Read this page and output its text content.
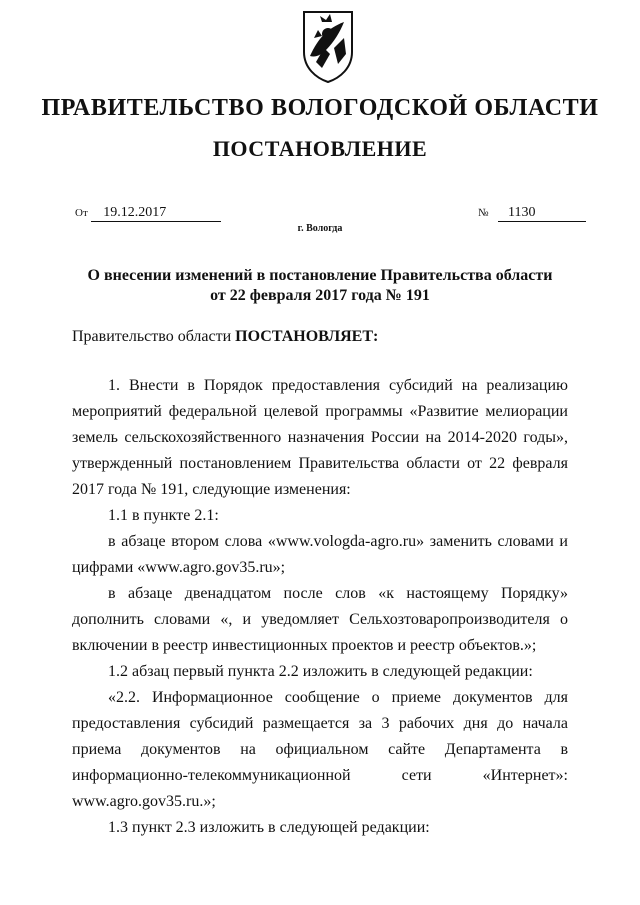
ПРАВИТЕЛЬСТВО ВОЛОГОДСКОЙ ОБЛАСТИ
ПОСТАНОВЛЕНИЕ
От 19.12.2017	№ 1130
г. Вологда
О внесении изменений в постановление Правительства области
от 22 февраля 2017 года № 191
Правительство области ПОСТАНОВЛЯЕТ:

1. Внести в Порядок предоставления субсидий на реализацию мероприятий федеральной целевой программы «Развитие мелиорации земель сельскохозяйственного назначения России на 2014-2020 годы», утвержденный постановлением Правительства области от 22 февраля 2017 года № 191, следующие изменения:

1.1 в пункте 2.1:

в абзаце втором слова «www.vologda-agro.ru» заменить словами и цифрами «www.agro.gov35.ru»;

в абзаце двенадцатом после слов «к настоящему Порядку» дополнить словами «, и уведомляет Сельхозтоваропроизводителя о включении в реестр инвестиционных проектов и реестр объектов.»;

1.2 абзац первый пункта 2.2 изложить в следующей редакции:

«2.2. Информационное сообщение о приеме документов для предоставления субсидий размещается за 3 рабочих дня до начала приема документов на официальном сайте Департамента в информационно-телекоммуникационной сети «Интернет»: www.agro.gov35.ru.»;

1.3 пункт 2.3 изложить в следующей редакции:
